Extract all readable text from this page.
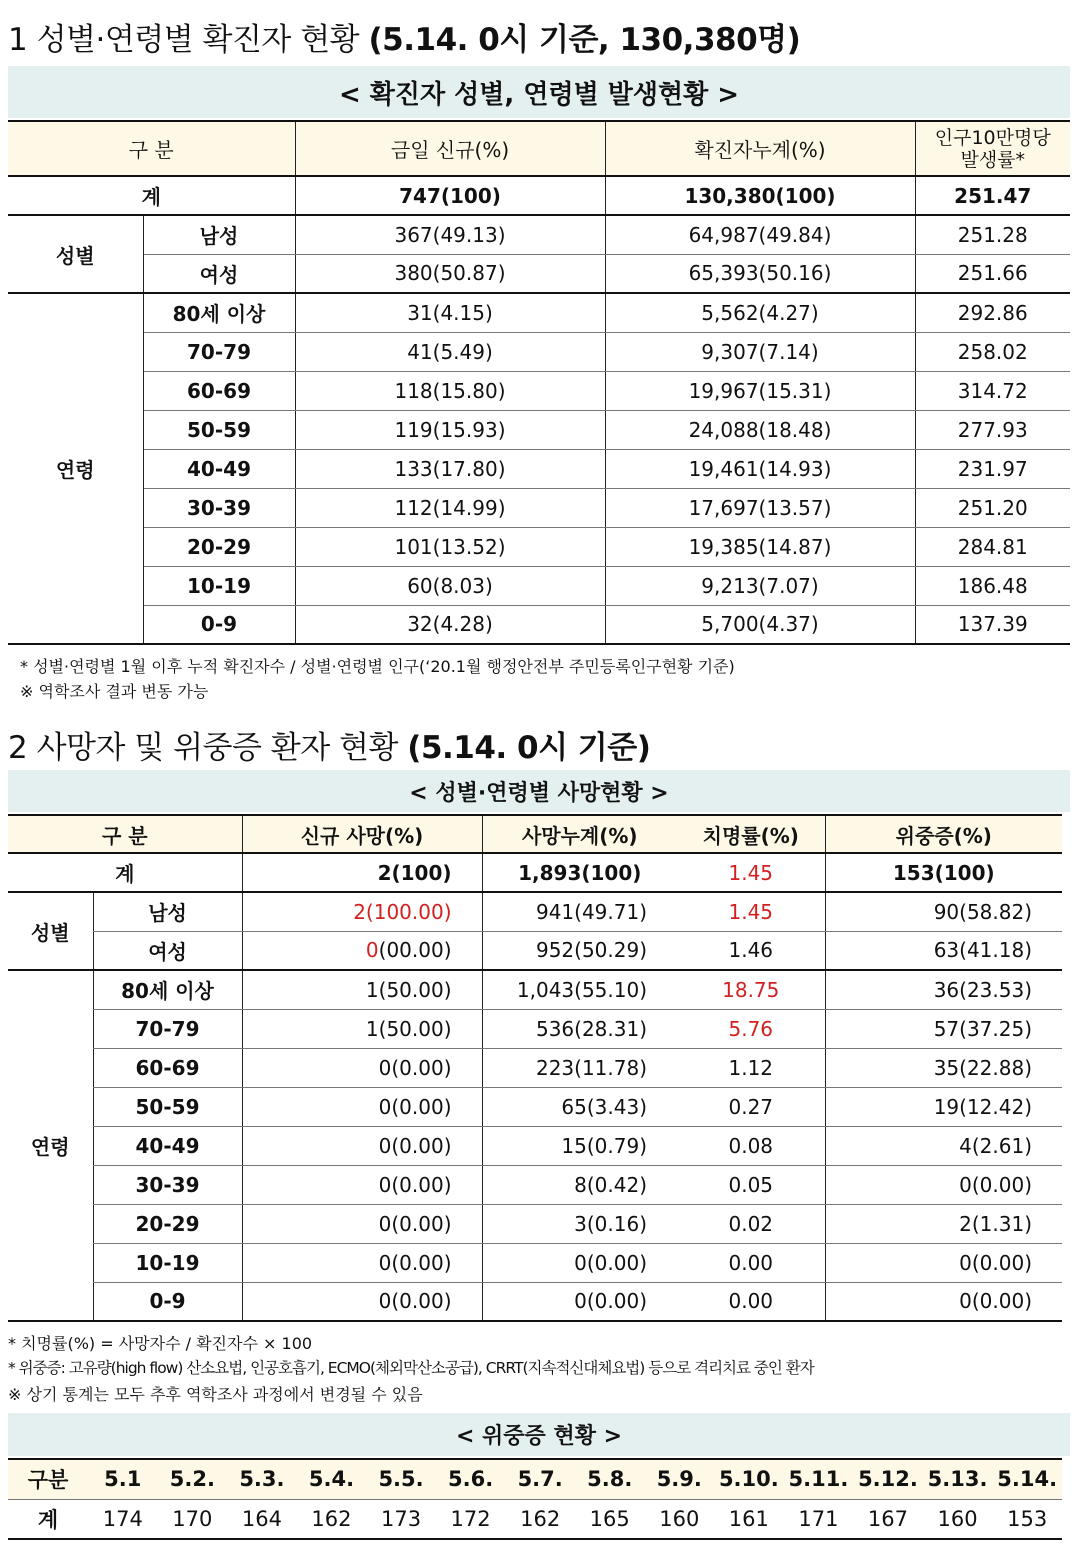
1 성별·연령별 확진자 현황 (5.14. 0시 기준, 130,380명)
< 확진자 성별, 연령별 발생현황 >
구 분		금일 신규(%)	확진자누계(%)	인구10만명당
발생률*
계		747(100)	130,380(100)	251.47
성별	남성	367(49.13)	64,987(49.84)	251.28
	여성	380(50.87)	65,393(50.16)	251.66
연령	80세 이상	31(4.15)	5,562(4.27)	292.86
	70-79	41(5.49)	9,307(7.14)	258.02
	60-69	118(15.80)	19,967(15.31)	314.72
	50-59	119(15.93)	24,088(18.48)	277.93
	40-49	133(17.80)	19,461(14.93)	231.97
	30-39	112(14.99)	17,697(13.57)	251.20
	20-29	101(13.52)	19,385(14.87)	284.81
	10-19	60(8.03)	9,213(7.07)	186.48
	0-9	32(4.28)	5,700(4.37)	137.39
* 성별·연령별 1월 이후 누적 확진자수 / 성별·연령별 인구(‘20.1월 행정안전부 주민등록인구현황 기준)
※ 역학조사 결과 변동 가능
2 사망자 및 위중증 환자 현황 (5.14. 0시 기준)
< 성별·연령별 사망현황 >
구 분		신규 사망(%)	사망누계(%)	치명률(%)	위중증(%)
계		2(100)	1,893(100)	1.45	153(100)
성별	남성	2(100.00)	941(49.71)	1.45	90(58.82)
	여성	0(00.00)	952(50.29)	1.46	63(41.18)
연령	80세 이상	1(50.00)	1,043(55.10)	18.75	36(23.53)
	70-79	1(50.00)	536(28.31)	5.76	57(37.25)
	60-69	0(0.00)	223(11.78)	1.12	35(22.88)
	50-59	0(0.00)	65(3.43)	0.27	19(12.42)
	40-49	0(0.00)	15(0.79)	0.08	4(2.61)
	30-39	0(0.00)	8(0.42)	0.05	0(0.00)
	20-29	0(0.00)	3(0.16)	0.02	2(1.31)
	10-19	0(0.00)	0(0.00)	0.00	0(0.00)
	0-9	0(0.00)	0(0.00)	0.00	0(0.00)
* 치명률(%) = 사망자수 / 확진자수 × 100
* 위중증: 고유량(high flow) 산소요법, 인공호흡기, ECMO(체외막산소공급), CRRT(지속적신대체요법) 등으로 격리치료 중인 환자
※ 상기 통계는 모두 추후 역학조사 과정에서 변경될 수 있음
< 위중증 현황 >
구분	5.1	5.2.	5.3.	5.4.	5.5.	5.6.	5.7.	5.8.	5.9.	5.10.	5.11.	5.12.	5.13.	5.14.
계	174	170	164	162	173	172	162	165	160	161	171	167	160	153
